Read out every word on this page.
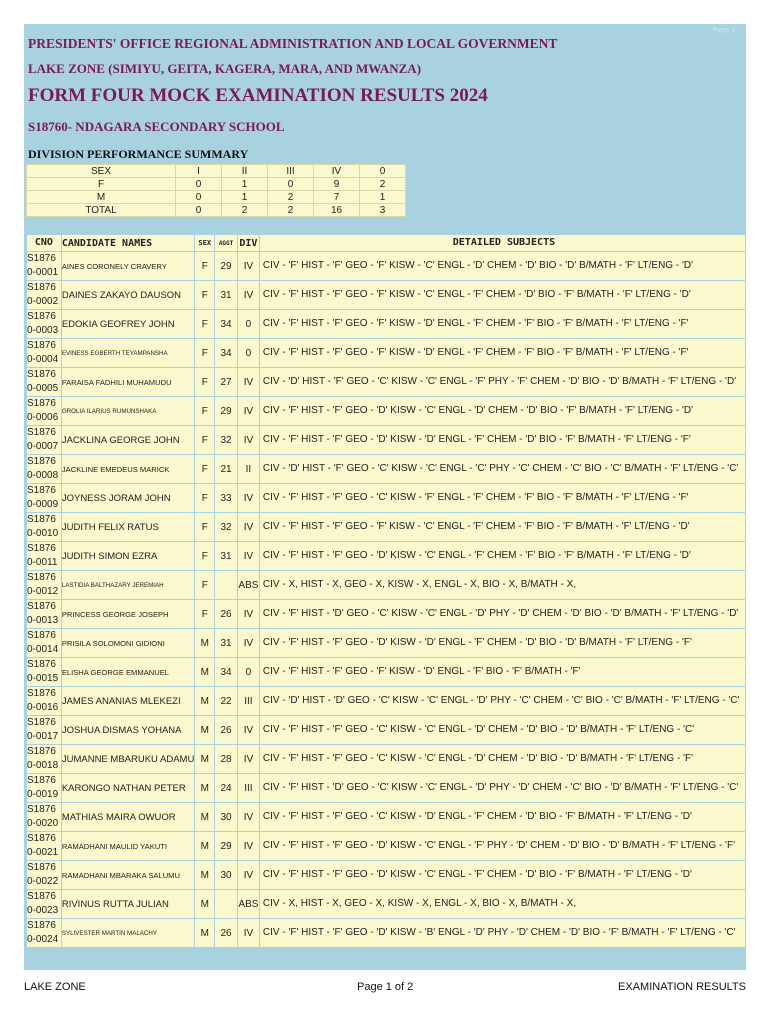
Page 1
PRESIDENTS' OFFICE REGIONAL ADMINISTRATION AND LOCAL GOVERNMENT
LAKE ZONE (SIMIYU, GEITA, KAGERA, MARA, AND MWANZA)
FORM FOUR MOCK EXAMINATION RESULTS 2024
S18760- NDAGARA SECONDARY SCHOOL
DIVISION PERFORMANCE SUMMARY
SEX	I	II	III	IV	0
F	0	1	0	9	2
M	0	1	2	7	1
TOTAL	0	2	2	16	3
CNO	CANDIDATE NAMES	SEX	AGGT	DIV	DETAILED SUBJECTS

S1876
0-0001	AINES CORONELY CRAVERY	F	29	IV	CIV - 'F' HIST - 'F' GEO - 'F' KISW - 'C' ENGL - 'D' CHEM - 'D' BIO - 'D' B/MATH - 'F' LT/ENG - 'D'

S1876
0-0002	DAINES ZAKAYO DAUSON	F	31	IV	CIV - 'F' HIST - 'F' GEO - 'F' KISW - 'C' ENGL - 'F' CHEM - 'D' BIO - 'F' B/MATH - 'F' LT/ENG - 'D'

S1876
0-0003	EDOKIA GEOFREY JOHN	F	34	0	CIV - 'F' HIST - 'F' GEO - 'F' KISW - 'D' ENGL - 'F' CHEM - 'F' BIO - 'F' B/MATH - 'F' LT/ENG - 'F'

S1876
0-0004	EVINESS EGBERTH TEYAMPANSHA	F	34	0	CIV - 'F' HIST - 'F' GEO - 'F' KISW - 'D' ENGL - 'F' CHEM - 'F' BIO - 'F' B/MATH - 'F' LT/ENG - 'F'

S1876
0-0005	FARAISA FADHILI MUHAMUDU	F	27	IV	CIV - 'D' HIST - 'F' GEO - 'C' KISW - 'C' ENGL - 'F' PHY - 'F' CHEM - 'D' BIO - 'D' B/MATH - 'F' LT/ENG - 'D'

S1876
0-0006	GROLIA ILARIUS RUMUNSHAKA	F	29	IV	CIV - 'F' HIST - 'F' GEO - 'D' KISW - 'C' ENGL - 'D' CHEM - 'D' BIO - 'F' B/MATH - 'F' LT/ENG - 'D'

S1876
0-0007	JACKLINA GEORGE JOHN	F	32	IV	CIV - 'F' HIST - 'F' GEO - 'D' KISW - 'D' ENGL - 'F' CHEM - 'D' BIO - 'F' B/MATH - 'F' LT/ENG - 'F'

S1876
0-0008	JACKLINE EMEDEUS MARICK	F	21	II	CIV - 'D' HIST - 'F' GEO - 'C' KISW - 'C' ENGL - 'C' PHY - 'C' CHEM - 'C' BIO - 'C' B/MATH - 'F' LT/ENG - 'C'

S1876
0-0009	JOYNESS JORAM JOHN	F	33	IV	CIV - 'F' HIST - 'F' GEO - 'C' KISW - 'F' ENGL - 'F' CHEM - 'F' BIO - 'F' B/MATH - 'F' LT/ENG - 'F'

S1876
0-0010	JUDITH FELIX RATUS	F	32	IV	CIV - 'F' HIST - 'F' GEO - 'F' KISW - 'C' ENGL - 'F' CHEM - 'F' BIO - 'F' B/MATH - 'F' LT/ENG - 'D'

S1876
0-0011	JUDITH SIMON EZRA	F	31	IV	CIV - 'F' HIST - 'F' GEO - 'D' KISW - 'C' ENGL - 'F' CHEM - 'F' BIO - 'F' B/MATH - 'F' LT/ENG - 'D'

S1876
0-0012	LASTIDIA BALTHAZARY JEREMIAH	F		ABS	CIV - X, HIST - X, GEO - X, KISW - X, ENGL - X, BIO - X, B/MATH - X,

S1876
0-0013	PRINCESS GEORGE JOSEPH	F	26	IV	CIV - 'F' HIST - 'D' GEO - 'C' KISW - 'C' ENGL - 'D' PHY - 'D' CHEM - 'D' BIO - 'D' B/MATH - 'F' LT/ENG - 'D'

S1876
0-0014	PRISILA SOLOMONI GIDIONI	M	31	IV	CIV - 'F' HIST - 'F' GEO - 'D' KISW - 'D' ENGL - 'F' CHEM - 'D' BIO - 'D' B/MATH - 'F' LT/ENG - 'F'

S1876
0-0015	ELISHA GEORGE EMMANUEL	M	34	0	CIV - 'F' HIST - 'F' GEO - 'F' KISW - 'D' ENGL - 'F' BIO - 'F' B/MATH - 'F'

S1876
0-0016	JAMES ANANIAS MLEKEZI	M	22	III	CIV - 'D' HIST - 'D' GEO - 'C' KISW - 'C' ENGL - 'D' PHY - 'C' CHEM - 'C' BIO - 'C' B/MATH - 'F' LT/ENG - 'C'

S1876
0-0017	JOSHUA DISMAS YOHANA	M	26	IV	CIV - 'F' HIST - 'F' GEO - 'C' KISW - 'C' ENGL - 'D' CHEM - 'D' BIO - 'D' B/MATH - 'F' LT/ENG - 'C'

S1876
0-0018	JUMANNE MBARUKU ADAMU	M	28	IV	CIV - 'F' HIST - 'F' GEO - 'C' KISW - 'C' ENGL - 'D' CHEM - 'D' BIO - 'D' B/MATH - 'F' LT/ENG - 'F'

S1876
0-0019	KARONGO NATHAN PETER	M	24	III	CIV - 'F' HIST - 'D' GEO - 'C' KISW - 'C' ENGL - 'D' PHY - 'D' CHEM - 'C' BIO - 'D' B/MATH - 'F' LT/ENG - 'C'

S1876
0-0020	MATHIAS MAIRA OWUOR	M	30	IV	CIV - 'F' HIST - 'F' GEO - 'C' KISW - 'D' ENGL - 'F' CHEM - 'D' BIO - 'F' B/MATH - 'F' LT/ENG - 'D'

S1876
0-0021	RAMADHANI MAULID YAKUTI	M	29	IV	CIV - 'F' HIST - 'F' GEO - 'D' KISW - 'C' ENGL - 'F' PHY - 'D' CHEM - 'D' BIO - 'D' B/MATH - 'F' LT/ENG - 'F'

S1876
0-0022	RAMADHANI MBARAKA SALUMU	M	30	IV	CIV - 'F' HIST - 'F' GEO - 'D' KISW - 'C' ENGL - 'F' CHEM - 'D' BIO - 'F' B/MATH - 'F' LT/ENG - 'D'

S1876
0-0023	RIVINUS RUTTA JULIAN	M		ABS	CIV - X, HIST - X, GEO - X, KISW - X, ENGL - X, BIO - X, B/MATH - X,

S1876
0-0024	SYLIVESTER MARTIN MALACHY	M	26	IV	CIV - 'F' HIST - 'F' GEO - 'D' KISW - 'B' ENGL - 'D' PHY - 'D' CHEM - 'D' BIO - 'F' B/MATH - 'F' LT/ENG - 'C'
LAKE ZONE	Page 1 of 2	EXAMINATION RESULTS
